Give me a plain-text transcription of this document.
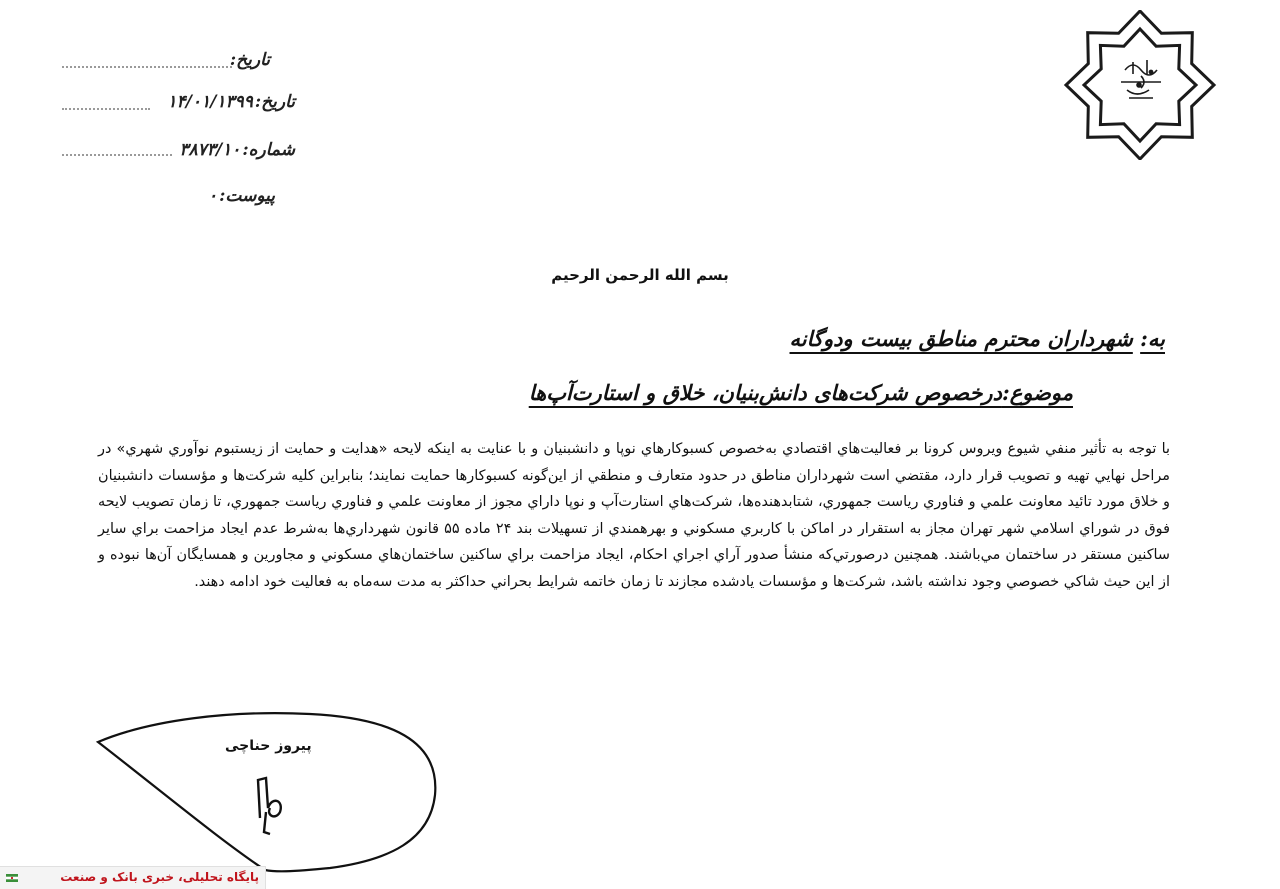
تاریخ:
تاریخ:
۱۴/۰۱/۱۳۹۹
شماره:
۳۸۷۳/۱۰
پیوست:
۰
بسم الله الرحمن الرحیم
به: شهرداران محترم مناطق بیست ودوگانه
موضوع:درخصوص شرکت‌های دانش‌بنیان، خلاق و استارت‌آپ‌ها
با توجه به تأثیر منفي شیوع ویروس کرونا بر فعالیت‌هاي اقتصادي به‌خصوص کسبوکارهاي نوپا و دانشبنیان و با عنایت به اینکه لایحه «هدایت و حمایت از زیستبوم نوآوري شهري» در مراحل نهایي تهیه و تصویب قرار دارد، مقتضي است شهرداران مناطق در حدود متعارف و منطقي از این‌گونه کسبوکارها حمایت نمایند؛ بنابراین کلیه شرکت‌ها و مؤسسات دانشبنیان و خلاق مورد تائید معاونت علمي و فناوري ریاست جمهوري، شتابدهنده‌ها، شرکت‌هاي استارت‌آپ و نوپا داراي مجوز از معاونت علمي و فناوري ریاست جمهوري، تا زمان تصویب لایحه فوق در شوراي اسلامي شهر تهران مجاز به استقرار در اماكن با كاربري مسكوني و بهرهمندي از تسهیلات بند ۲۴ ماده ۵۵ قانون شهرداري‌ها به‌شرط عدم ایجاد مزاحمت براي سایر ساكنین مستقر در ساختمان مي‌باشند. همچنین درصورتي‌كه منشأ صدور آراي اجراي احكام، ایجاد مزاحمت براي ساكنین ساختمان‌هاي مسكوني و مجاورین و همسایگان آن‌ها نبوده و از این حیث شاكي خصوصي وجود نداشته باشد، شرکت‌ها و مؤسسات یادشده مجازند تا زمان خاتمه شرایط بحراني حداكثر به مدت سه‌ماه به فعالیت خود ادامه دهند.
پیروز حناچی
پایگاه تحلیلی، خبری بانک و صنعت
